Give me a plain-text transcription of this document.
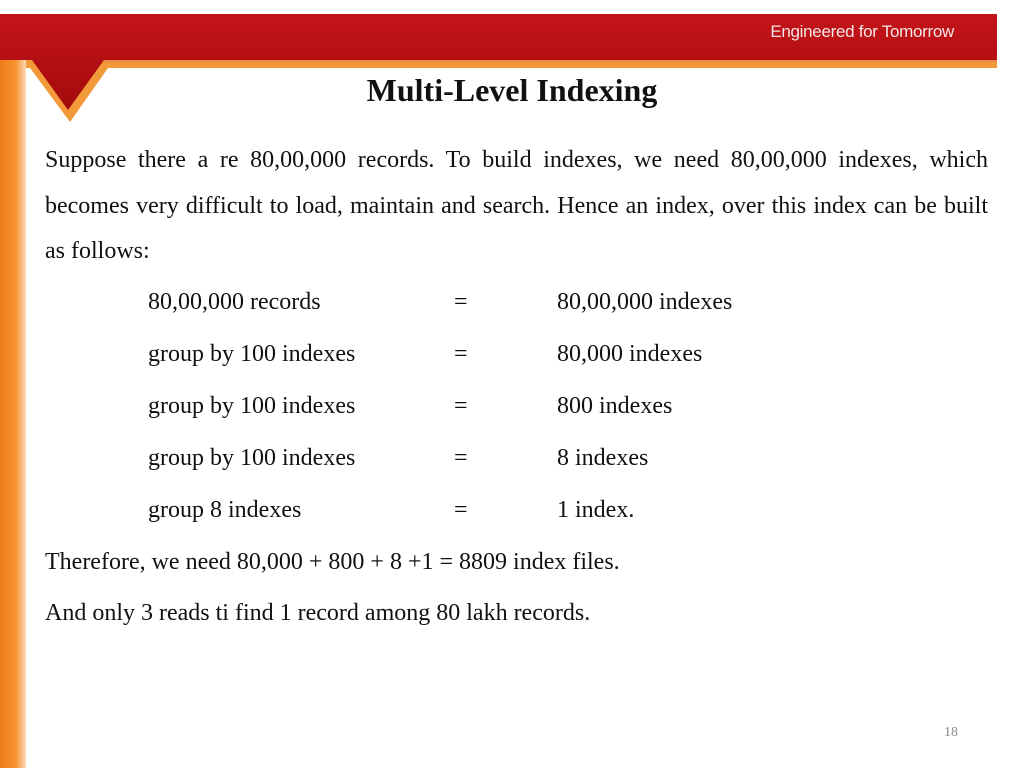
Engineered for Tomorrow
Multi-Level Indexing

Suppose there a re 80,00,000 records. To build indexes, we need 80,00,000 indexes, which becomes very difficult to load, maintain and search. Hence an index, over this index can be built as follows:

80,00,000 records	=	80,00,000 indexes
group by 100 indexes	=	80,000 indexes
group by 100 indexes	=	800 indexes
group by 100 indexes	=	8 indexes
group 8 indexes	=	1 index.
Therefore, we need 80,000 + 800 + 8 +1 = 8809 index files.
And only 3 reads ti find 1 record among 80 lakh records.
18
